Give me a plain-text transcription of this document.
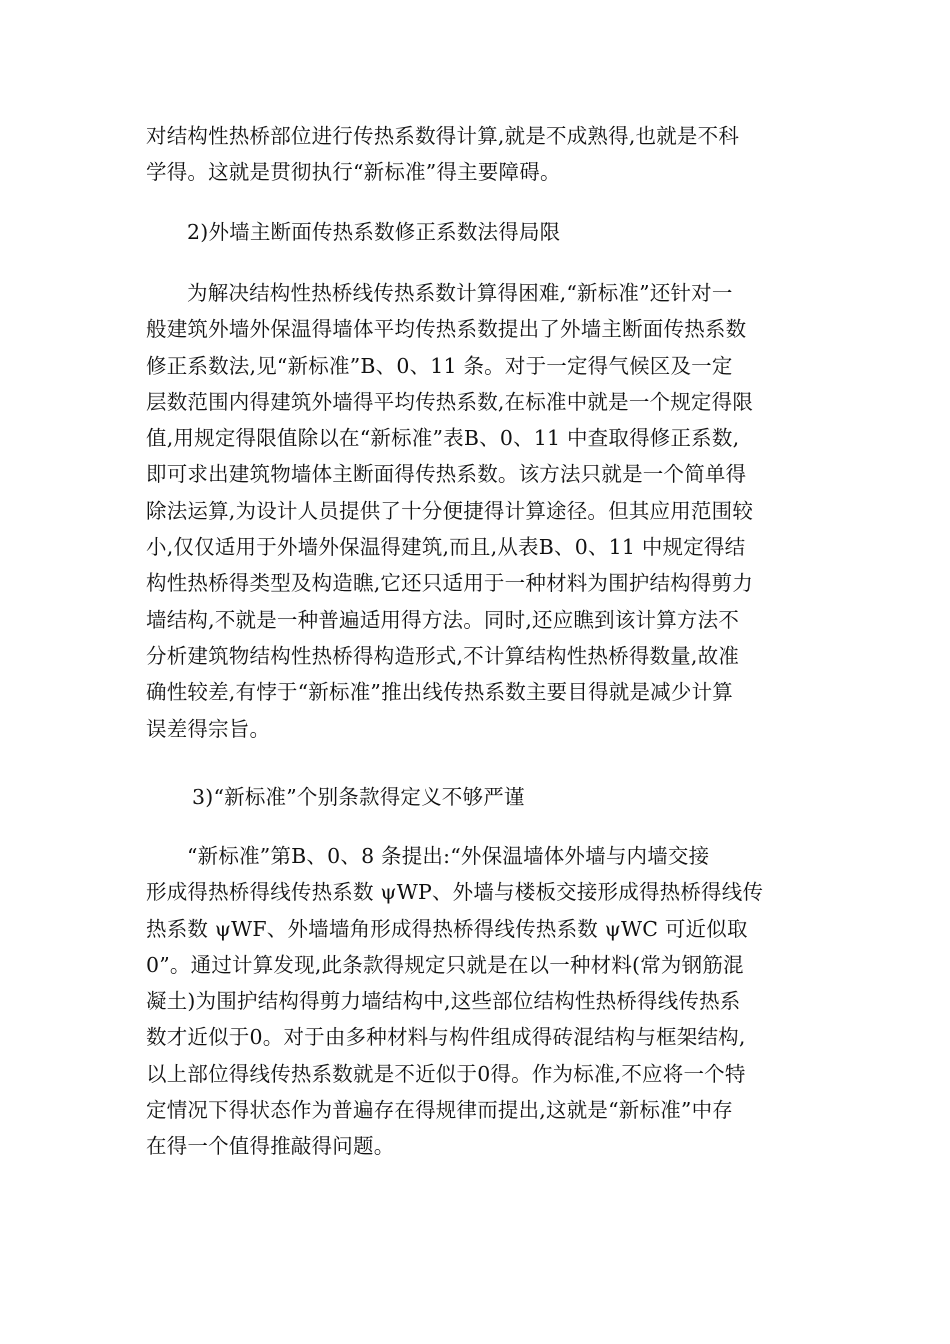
对结构性热桥部位进行传热系数得计算,就是不成熟得,也就是不科
学得。这就是贯彻执行“新标准”得主要障碍。

2)外墙主断面传热系数修正系数法得局限

为解决结构性热桥线传热系数计算得困难,“新标准”还针对一
般建筑外墙外保温得墙体平均传热系数提出了外墙主断面传热系数
修正系数法,见“新标准”B、0、11 条。对于一定得气候区及一定
层数范围内得建筑外墙得平均传热系数,在标准中就是一个规定得限
值,用规定得限值除以在“新标准”表B、0、11 中查取得修正系数,
即可求出建筑物墙体主断面得传热系数。该方法只就是一个简单得
除法运算,为设计人员提供了十分便捷得计算途径。但其应用范围较
小,仅仅适用于外墙外保温得建筑,而且,从表B、0、11 中规定得结
构性热桥得类型及构造瞧,它还只适用于一种材料为围护结构得剪力
墙结构,不就是一种普遍适用得方法。同时,还应瞧到该计算方法不
分析建筑物结构性热桥得构造形式,不计算结构性热桥得数量,故准
确性较差,有悖于“新标准”推出线传热系数主要目得就是减少计算
误差得宗旨。

3)“新标准”个别条款得定义不够严谨

“新标准”第B、0、8 条提出:“外保温墙体外墙与内墙交接
形成得热桥得线传热系数 ψWP、外墙与楼板交接形成得热桥得线传
热系数 ψWF、外墙墙角形成得热桥得线传热系数 ψWC 可近似取
0”。通过计算发现,此条款得规定只就是在以一种材料(常为钢筋混
凝土)为围护结构得剪力墙结构中,这些部位结构性热桥得线传热系
数才近似于0。对于由多种材料与构件组成得砖混结构与框架结构,
以上部位得线传热系数就是不近似于0得。作为标准,不应将一个特
定情况下得状态作为普遍存在得规律而提出,这就是“新标准”中存
在得一个值得推敲得问题。
